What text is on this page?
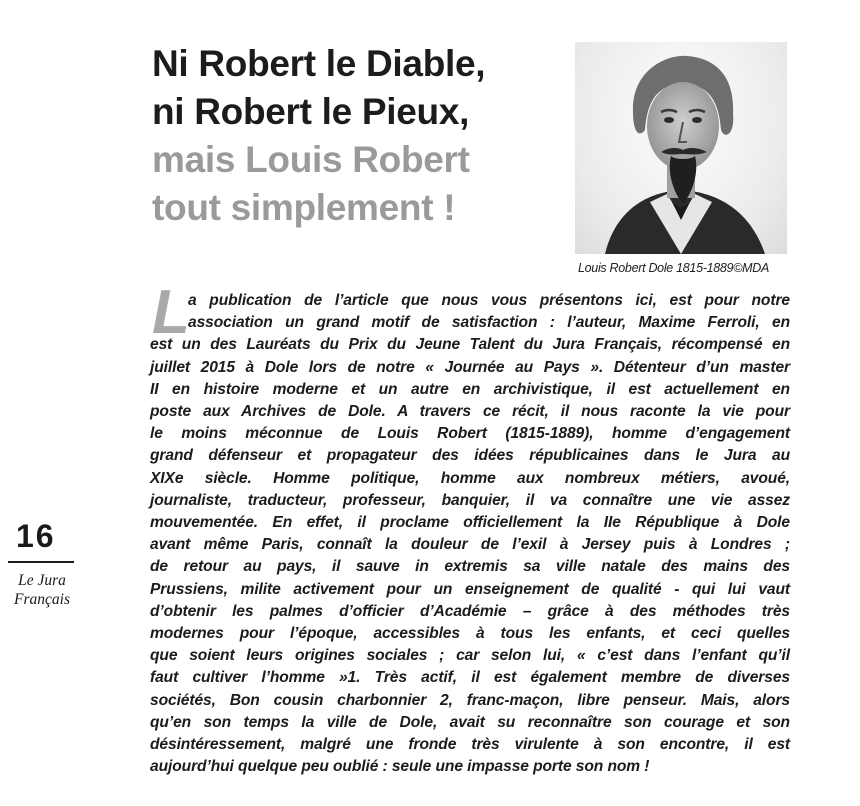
Ni Robert le Diable,
ni Robert le Pieux,
mais Louis Robert
tout simplement !
Louis Robert Dole 1815-1889©MDA
16
Le Jura
Français
L
a publication de l’article que nous vous présentons ici, est pour notre
association un grand motif de satisfaction : l’auteur, Maxime Ferroli, en
est un des Lauréats du Prix du Jeune Talent du Jura Français, récompensé en
juillet 2015 à Dole lors de notre « Journée au Pays ». Détenteur d’un master
II en histoire moderne et un autre en archivistique, il est actuellement en
poste aux Archives de Dole. A travers ce récit, il nous raconte la vie pour
le moins méconnue de Louis Robert (1815-1889), homme d’engagement
grand défenseur et propagateur des idées républicaines dans le Jura au
XIXe siècle. Homme politique, homme aux nombreux métiers, avoué,
journaliste, traducteur, professeur, banquier, il va connaître une vie assez
mouvementée. En effet, il proclame officiellement la IIe République à Dole
avant même Paris, connaît la douleur de l’exil à Jersey puis à Londres ;
de retour au pays, il sauve in extremis sa ville natale des mains des
Prussiens, milite activement pour un enseignement de qualité - qui lui vaut
d’obtenir les palmes d’officier d’Académie – grâce à des méthodes très
modernes pour l’époque, accessibles à tous les enfants, et ceci quelles
que soient leurs origines sociales ; car selon lui, « c’est dans l’enfant qu’il
faut cultiver l’homme »1. Très actif, il est également membre de diverses
sociétés, Bon cousin charbonnier 2, franc-maçon, libre penseur. Mais, alors
qu’en son temps la ville de Dole, avait su reconnaître son courage et son
désintéressement, malgré une fronde très virulente à son encontre, il est
aujourd’hui quelque peu oublié : seule une impasse porte son nom !
